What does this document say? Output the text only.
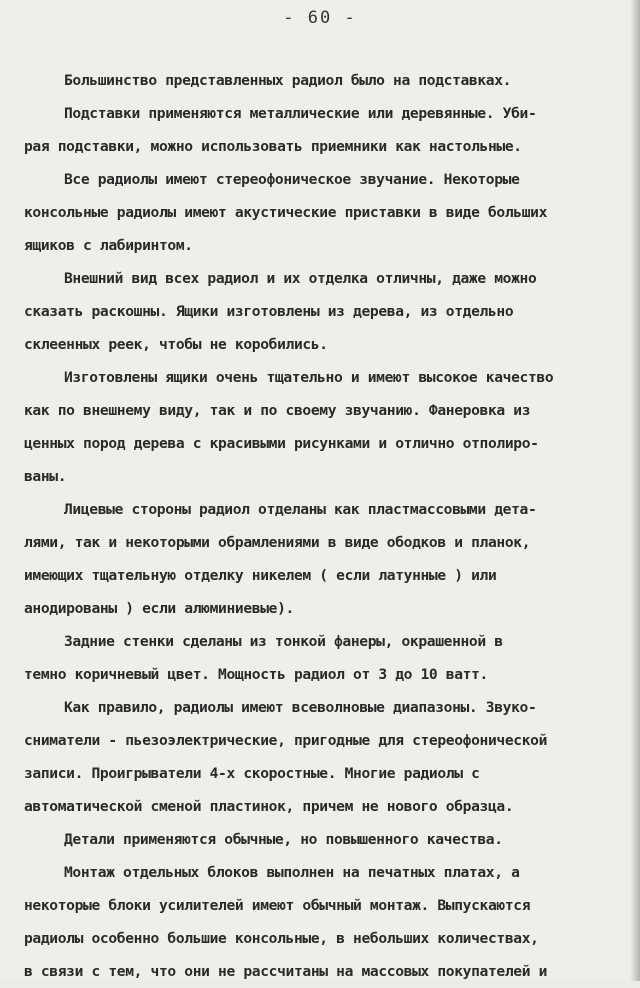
- 60 -
Большинство представленных радиол было на подставках.
Подставки применяются металлические или деревянные. Уби-
рая подставки, можно использовать приемники как настольные.
Все радиолы имеют стереофоническое звучание. Некоторые
консольные радиолы имеют акустические приставки в виде больших
ящиков с лабиринтом.
Внешний вид всех радиол и их отделка отличны, даже можно
сказать раскошны. Ящики изготовлены из дерева, из отдельно
склеенных реек, чтобы не коробились.
Изготовлены ящики очень тщательно и имеют высокое качество
как по внешнему виду, так и по своему звучанию. Фанеровка из
ценных пород дерева с красивыми рисунками и отлично отполиро-
ваны.
Лицевые стороны радиол отделаны как пластмассовыми дета-
лями, так и некоторыми обрамлениями в виде ободков и планок,
имеющих тщательную отделку никелем ( если латунные ) или
анодированы ) если алюминиевые).
Задние стенки сделаны из тонкой фанеры, окрашенной в
темно коричневый цвет. Мощность радиол от 3 до 10 ватт.
Как правило, радиолы имеют всеволновые диапазоны. Звуко-
сниматели - пьезоэлектрические, пригодные для стереофонической
записи. Проигрыватели 4-х скоростные. Многие радиолы с
автоматической сменой пластинок, причем не нового образца.
Детали применяются обычные, но повышенного качества.
Монтаж отдельных блоков выполнен на печатных платах, а
некоторые блоки усилителей имеют обычный монтаж. Выпускаются
радиолы особенно большие консольные, в небольших количествах,
в связи с тем, что они не рассчитаны на массовых покупателей и
